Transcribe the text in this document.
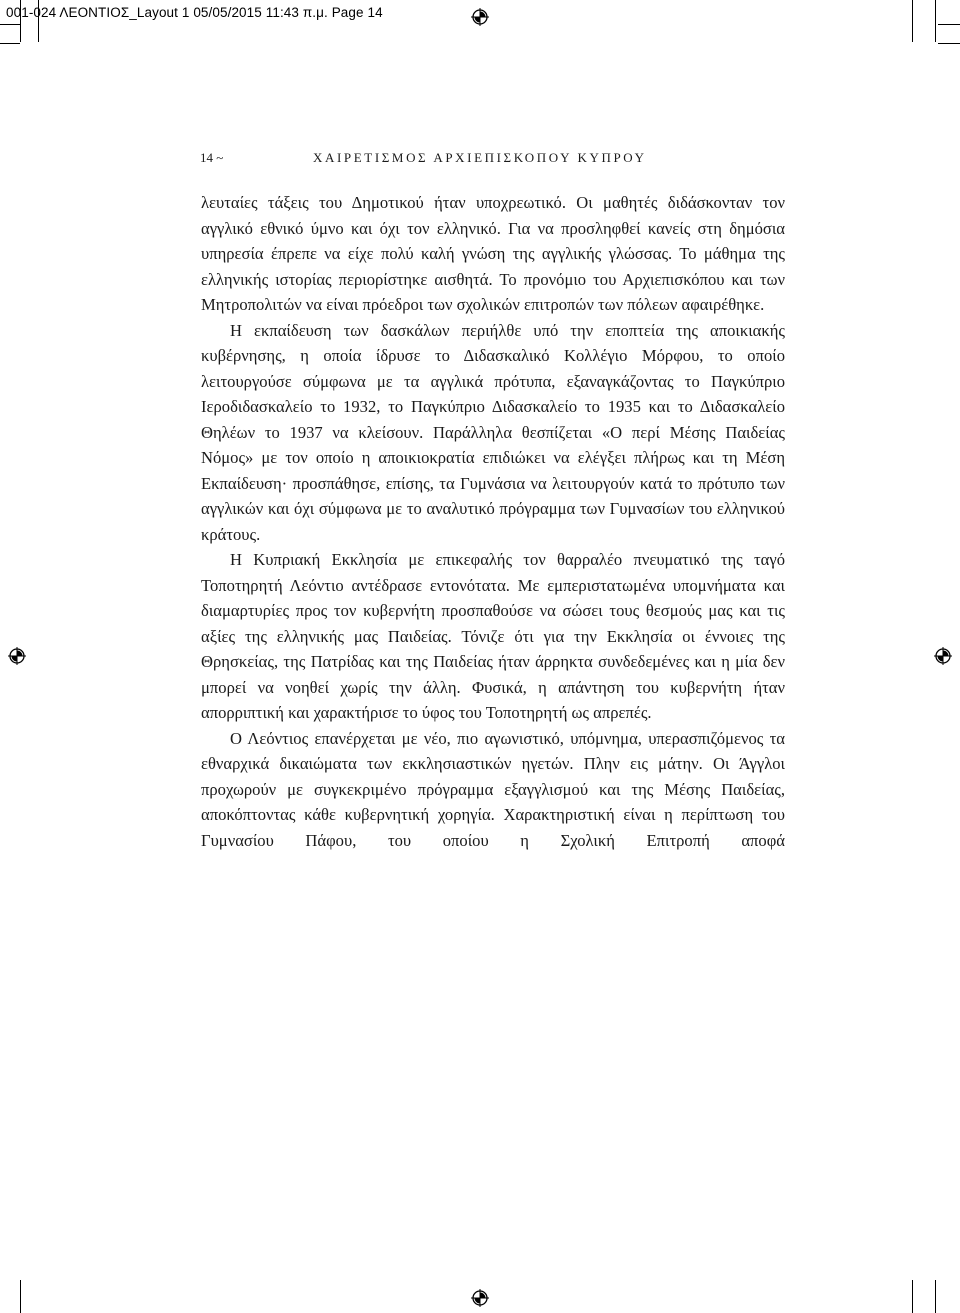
001-024 ΛΕΟΝΤΙΟΣ_Layout 1 05/05/2015 11:43 π.μ. Page 14
14 ~	ΧΑΙΡΕΤΙΣΜΟΣ ΑΡΧΙΕΠΙΣΚΟΠΟΥ ΚΥΠΡΟΥ

λευταίες τάξεις του Δημοτικού ήταν υποχρεωτικό. Οι μαθητές διδάσκονταν τον αγγλικό εθνικό ύμνο και όχι τον ελληνικό. Για να προσληφθεί κανείς στη δημόσια υπηρεσία έπρεπε να είχε πολύ καλή γνώση της αγγλικής γλώσσας. Το μάθημα της ελληνικής ιστορίας περιορίστηκε αισθητά. Το προνόμιο του Αρχιεπισκόπου και των Μητροπολιτών να είναι πρόεδροι των σχολικών επιτροπών των πόλεων αφαιρέθηκε.

Η εκπαίδευση των δασκάλων περιήλθε υπό την εποπτεία της αποικιακής κυβέρνησης, η οποία ίδρυσε το Διδασκαλικό Κολλέγιο Μόρφου, το οποίο λειτουργούσε σύμφωνα με τα αγγλικά πρότυπα, εξαναγκάζοντας το Παγκύπριο Ιεροδιδασκαλείο το 1932, το Παγκύπριο Διδασκαλείο το 1935 και το Διδασκαλείο Θηλέων το 1937 να κλείσουν. Παράλληλα θεσπίζεται «Ο περί Μέσης Παιδείας Νόμος» με τον οποίο η αποικιοκρατία επιδιώκει να ελέγξει πλήρως και τη Μέση Εκπαίδευση· προσπάθησε, επίσης, τα Γυμνάσια να λειτουργούν κατά το πρότυπο των αγγλικών και όχι σύμφωνα με το αναλυτικό πρόγραμμα των Γυμνασίων του ελληνικού κράτους.

Η Κυπριακή Εκκλησία με επικεφαλής τον θαρραλέο πνευματικό της ταγό Τοποτηρητή Λεόντιο αντέδρασε εντονότατα. Με εμπεριστατωμένα υπομνήματα και διαμαρτυρίες προς τον κυβερνήτη προσπαθούσε να σώσει τους θεσμούς μας και τις αξίες της ελληνικής μας Παιδείας. Τόνιζε ότι για την Εκκλησία οι έννοιες της Θρησκείας, της Πατρίδας και της Παιδείας ήταν άρρηκτα συνδεδεμένες και η μία δεν μπορεί να νοηθεί χωρίς την άλλη. Φυσικά, η απάντηση του κυβερνήτη ήταν απορριπτική και χαρακτήρισε το ύφος του Τοποτηρητή ως απρεπές.

Ο Λεόντιος επανέρχεται με νέο, πιο αγωνιστικό, υπόμνημα, υπερασπιζόμενος τα εθναρχικά δικαιώματα των εκκλησιαστικών ηγετών. Πλην εις μάτην. Οι Άγγλοι προχωρούν με συγκεκριμένο πρόγραμμα εξαγγλισμού και της Μέσης Παιδείας, αποκόπτοντας κάθε κυβερνητική χορηγία. Χαρακτηριστική είναι η περίπτωση του Γυμνασίου Πάφου, του οποίου η Σχολική Επιτροπή αποφά
